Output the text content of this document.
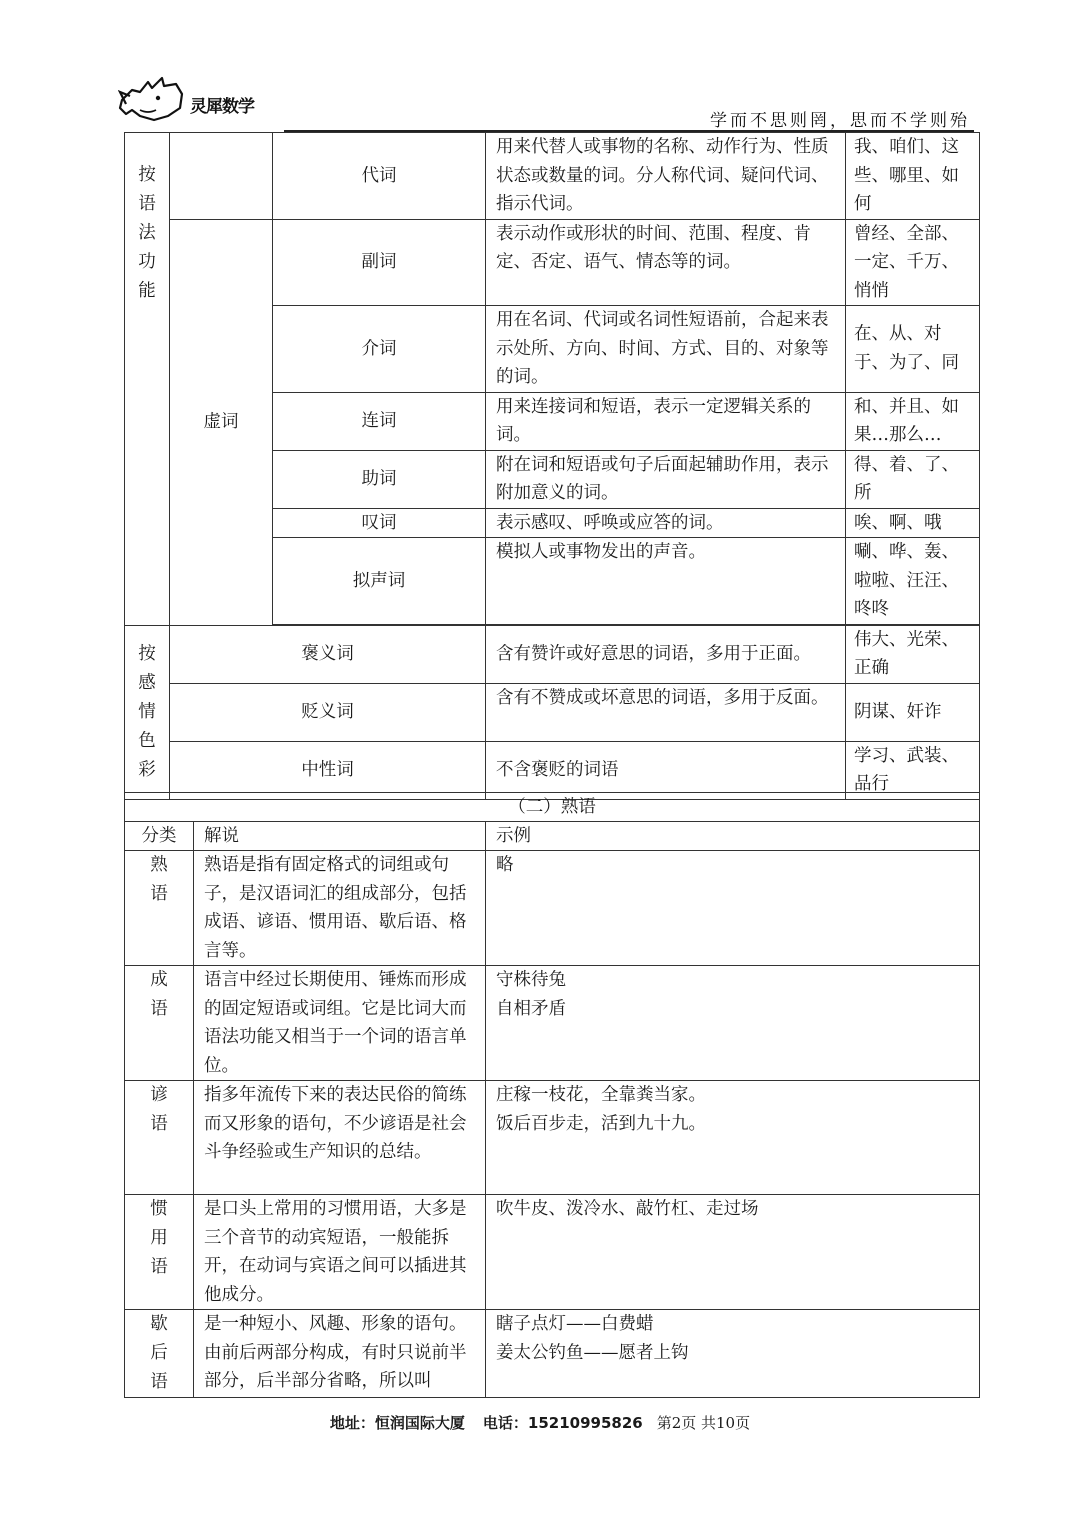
灵犀数学
学而不思则罔，思而不学则殆
按语法功能		代词	用来代替人或事物的名称、动作行为、性质状态或数量的词。分人称代词、疑问代词、指示代词。	我、咱们、这些、哪里、如何
	虚词	副词	表示动作或形状的时间、范围、程度、肯定、否定、语气、情态等的词。	曾经、全部、一定、千万、悄悄
		介词	用在名词、代词或名词性短语前，合起来表示处所、方向、时间、方式、目的、对象等的词。	在、从、对于、为了、同
		连词	用来连接词和短语，表示一定逻辑关系的词。	和、并且、如果…那么…
		助词	附在词和短语或句子后面起辅助作用，表示附加意义的词。	得、着、了、所
		叹词	表示感叹、呼唤或应答的词。	唉、啊、哦
		拟声词	模拟人或事物发出的声音。	唰、哗、轰、啦啦、汪汪、咚咚

按感情色彩	褒义词		含有赞许或好意思的词语，多用于正面。	伟大、光荣、正确
	贬义词		含有不赞成或坏意思的词语，多用于反面。	阴谋、奸诈
	中性词		不含褒贬的词语	学习、武装、品行
（二）熟语		
分类	解说	示例
熟语	熟语是指有固定格式的词组或句子，是汉语词汇的组成部分，包括成语、谚语、惯用语、歇后语、格言等。	略

成语	语言中经过长期使用、锤炼而形成的固定短语或词组。它是比词大而语法功能又相当于一个词的语言单位。	守株待兔
自相矛盾

谚语	指多年流传下来的表达民俗的简练而又形象的语句，不少谚语是社会斗争经验或生产知识的总结。	庄稼一枝花，全靠粪当家。
饭后百步走，活到九十九。

惯用语	是口头上常用的习惯用语，大多是三个音节的动宾短语，一般能拆开，在动词与宾语之间可以插进其他成分。	吹牛皮、泼冷水、敲竹杠、走过场

歇后语	是一种短小、风趣、形象的语句。由前后两部分构成，有时只说前半部分，后半部分省略，所以叫	瞎子点灯——白费蜡
姜太公钓鱼——愿者上钩
地址：恒润国际大厦 电话：15210995826 第2页 共10页
